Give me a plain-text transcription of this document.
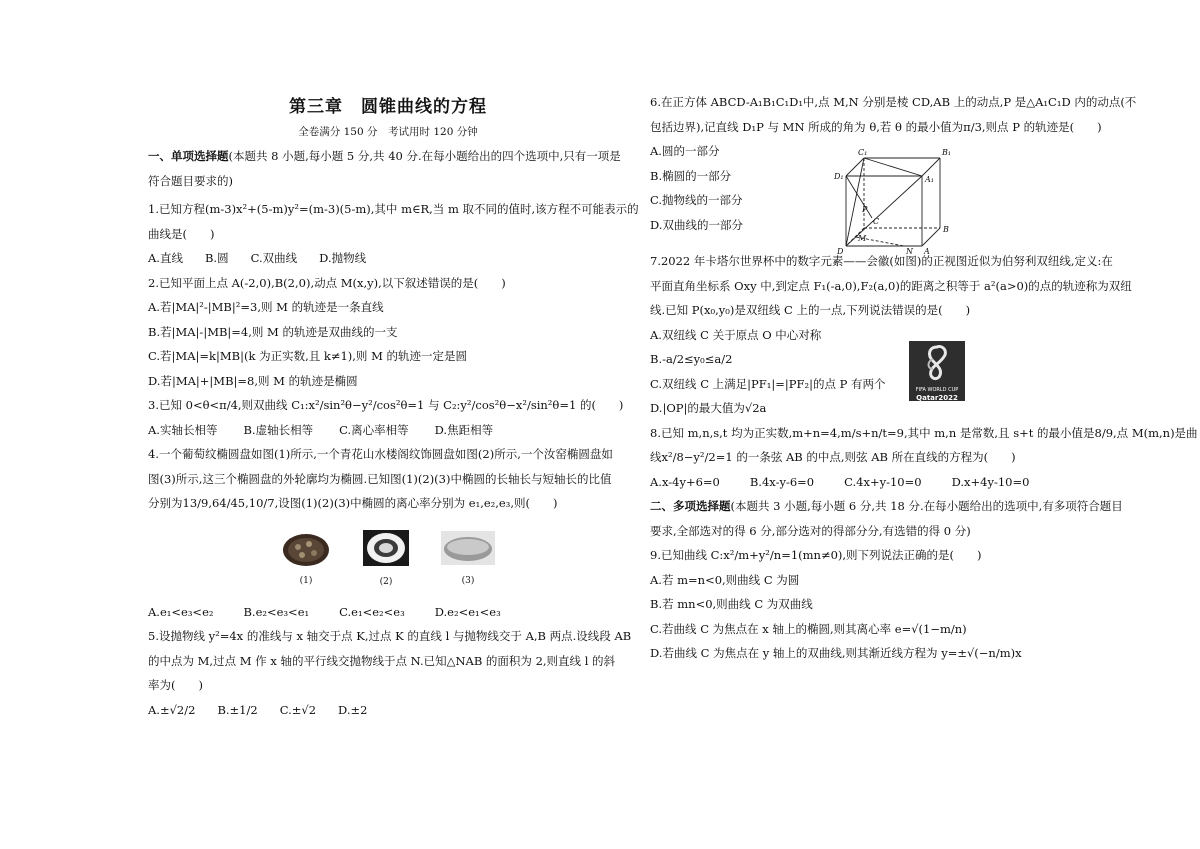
第三章　圆锥曲线的方程
全卷满分 150 分　考试用时 120 分钟
一、单项选择题(本题共 8 小题,每小题 5 分,共 40 分.在每小题给出的四个选项中,只有一项是
符合题目要求的)
1.已知方程(m-3)x²+(5-m)y²=(m-3)(5-m),其中 m∈R,当 m 取不同的值时,该方程不可能表示的
曲线是(　　)
A.直线 B.圆 C.双曲线 D.抛物线
2.已知平面上点 A(-2,0),B(2,0),动点 M(x,y),以下叙述错误的是(　　)
A.若|MA|²-|MB|²=3,则 M 的轨迹是一条直线
B.若|MA|-|MB|=4,则 M 的轨迹是双曲线的一支
C.若|MA|=k|MB|(k 为正实数,且 k≠1),则 M 的轨迹一定是圆
D.若|MA|+|MB|=8,则 M 的轨迹是椭圆
3.已知 0<θ<π/4,则双曲线 C₁:x²/sin²θ−y²/cos²θ=1 与 C₂:y²/cos²θ−x²/sin²θ=1 的(　　)
A.实轴长相等 B.虚轴长相等 C.离心率相等 D.焦距相等
4.一个葡萄纹椭圆盘如图(1)所示,一个青花山水楼阁纹饰圆盘如图(2)所示,一个汝窑椭圆盘如
图(3)所示,这三个椭圆盘的外轮廓均为椭圆.已知图(1)(2)(3)中椭圆的长轴长与短轴长的比值
分别为13/9,64/45,10/7,设图(1)(2)(3)中椭圆的离心率分别为 e₁,e₂,e₃,则(　　)
(1)	(2)	(3)
A.e₁<e₃<e₂	B.e₂<e₃<e₁	C.e₁<e₂<e₃	D.e₂<e₁<e₃
5.设抛物线 y²=4x 的准线与 x 轴交于点 K,过点 K 的直线 l 与抛物线交于 A,B 两点.设线段 AB
的中点为 M,过点 M 作 x 轴的平行线交抛物线于点 N.已知△NAB 的面积为 2,则直线 l 的斜
率为(　　)
A.±√2/2 B.±1/2 C.±√2 D.±2
6.在正方体 ABCD-A₁B₁C₁D₁中,点 M,N 分别是棱 CD,AB 上的动点,P 是△A₁C₁D 内的动点(不
包括边界),记直线 D₁P 与 MN 所成的角为 θ,若 θ 的最小值为π/3,则点 P 的轨迹是(　　)
A.圆的一部分
B.椭圆的一部分
C.抛物线的一部分
D.双曲线的一部分
7.2022 年卡塔尔世界杯中的数字元素——会徽(如图)的正视图近似为伯努利双纽线,定义:在
平面直角坐标系 Oxy 中,到定点 F₁(-a,0),F₂(a,0)的距离之积等于 a²(a>0)的点的轨迹称为双纽
线.已知 P(x₀,y₀)是双纽线 C 上的一点,下列说法错误的是(　　)
A.双纽线 C 关于原点 O 中心对称
B.-a/2≤y₀≤a/2
C.双纽线 C 上满足|PF₁|=|PF₂|的点 P 有两个
D.|OP|的最大值为√2a
8.已知 m,n,s,t 均为正实数,m+n=4,m/s+n/t=9,其中 m,n 是常数,且 s+t 的最小值是8/9,点 M(m,n)是曲
线x²/8−y²/2=1 的一条弦 AB 的中点,则弦 AB 所在直线的方程为(　　)
A.x-4y+6=0	B.4x-y-6=0	C.4x+y-10=0	D.x+4y-10=0
二、多项选择题(本题共 3 小题,每小题 6 分,共 18 分.在每小题给出的选项中,有多项符合题目
要求,全部选对的得 6 分,部分选对的得部分分,有选错的得 0 分)
9.已知曲线 C:x²/m+y²/n=1(mn≠0),则下列说法正确的是(　　)
A.若 m=n<0,则曲线 C 为圆
B.若 mn<0,则曲线 C 为双曲线
C.若曲线 C 为焦点在 x 轴上的椭圆,则其离心率 e=√(1−m/n)
D.若曲线 C 为焦点在 y 轴上的双曲线,则其渐近线方程为 y=±√(−n/m)x
C₁	B₁
D₁	A₁
P
C
B
M
D	A
N
FIFA WORLD CUP
Qatar2022
